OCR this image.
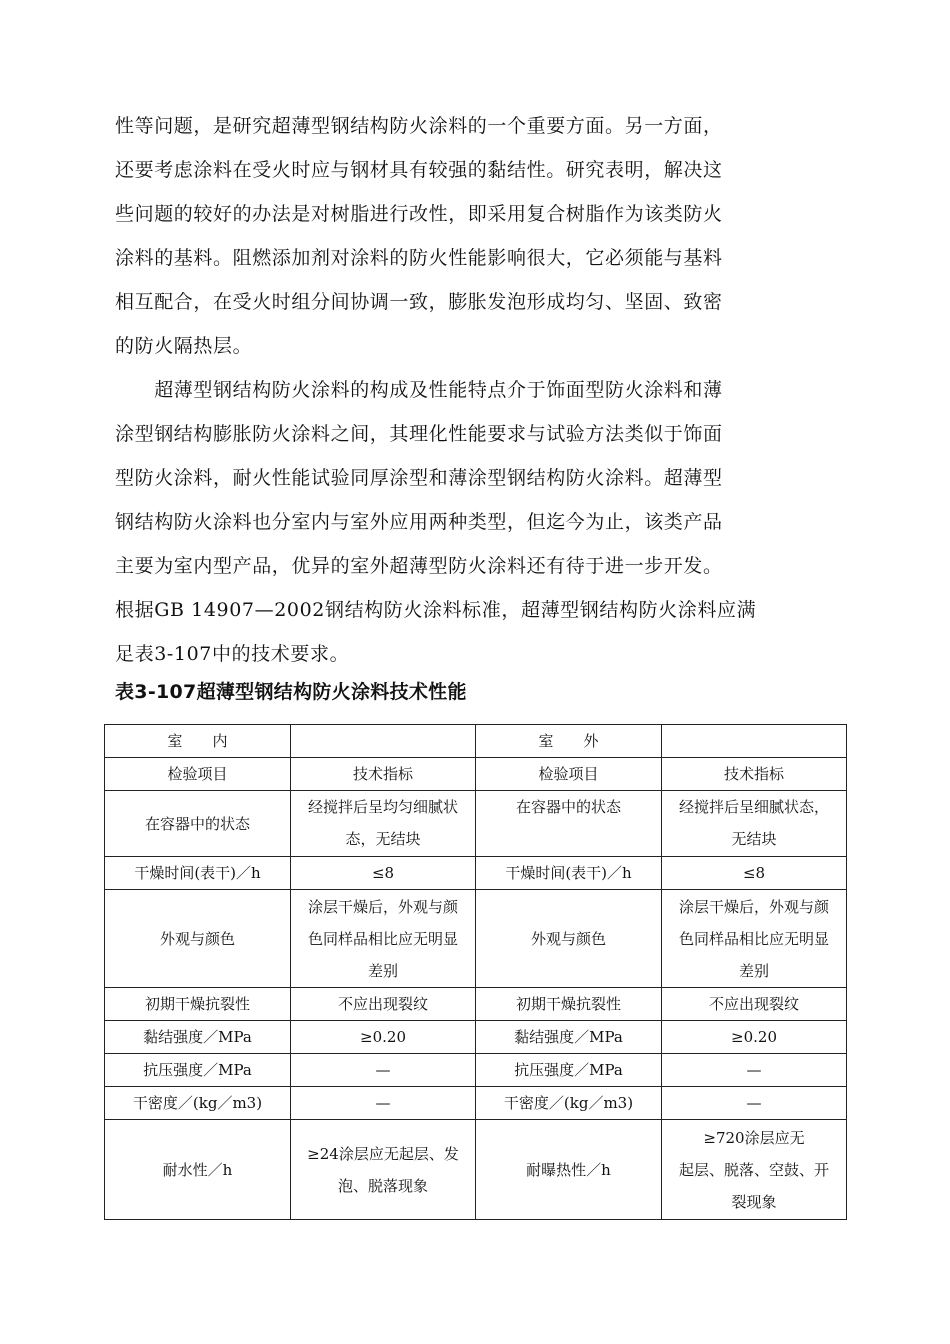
性等问题，是研究超薄型钢结构防火涂料的一个重要方面。另一方面，
还要考虑涂料在受火时应与钢材具有较强的黏结性。研究表明，解决这
些问题的较好的办法是对树脂进行改性，即采用复合树脂作为该类防火
涂料的基料。阻燃添加剂对涂料的防火性能影响很大，它必须能与基料
相互配合，在受火时组分间协调一致，膨胀发泡形成均匀、坚固、致密
的防火隔热层。
　　超薄型钢结构防火涂料的构成及性能特点介于饰面型防火涂料和薄
涂型钢结构膨胀防火涂料之间，其理化性能要求与试验方法类似于饰面
型防火涂料，耐火性能试验同厚涂型和薄涂型钢结构防火涂料。超薄型
钢结构防火涂料也分室内与室外应用两种类型，但迄今为止，该类产品
主要为室内型产品，优异的室外超薄型防火涂料还有待于进一步开发。
根据GB 14907—2002钢结构防火涂料标准，超薄型钢结构防火涂料应满
足表3-107中的技术要求。

表3-107超薄型钢结构防火涂料技术性能

室　　内		室　　外	
检验项目	技术指标	检验项目	技术指标

在容器中的状态	经搅拌后呈均匀细腻状
态，无结块	在容器中的状态	经搅拌后呈细腻状态，
无结块

干燥时间(表干)／h	≤8	干燥时间(表干)／h	≤8

外观与颜色	涂层干燥后，外观与颜
色同样品相比应无明显
差别	外观与颜色	涂层干燥后，外观与颜
色同样品相比应无明显
差别

初期干燥抗裂性	不应出现裂纹	初期干燥抗裂性	不应出现裂纹

黏结强度／MPa	≥0.20	黏结强度／MPa	≥0.20

抗压强度／MPa	—	抗压强度／MPa	—

干密度／(kg／m3)	—	干密度／(kg／m3)	—

耐水性／h	≥24涂层应无起层、发
泡、脱落现象	耐曝热性／h	≥720涂层应无
起层、脱落、空鼓、开
裂现象
